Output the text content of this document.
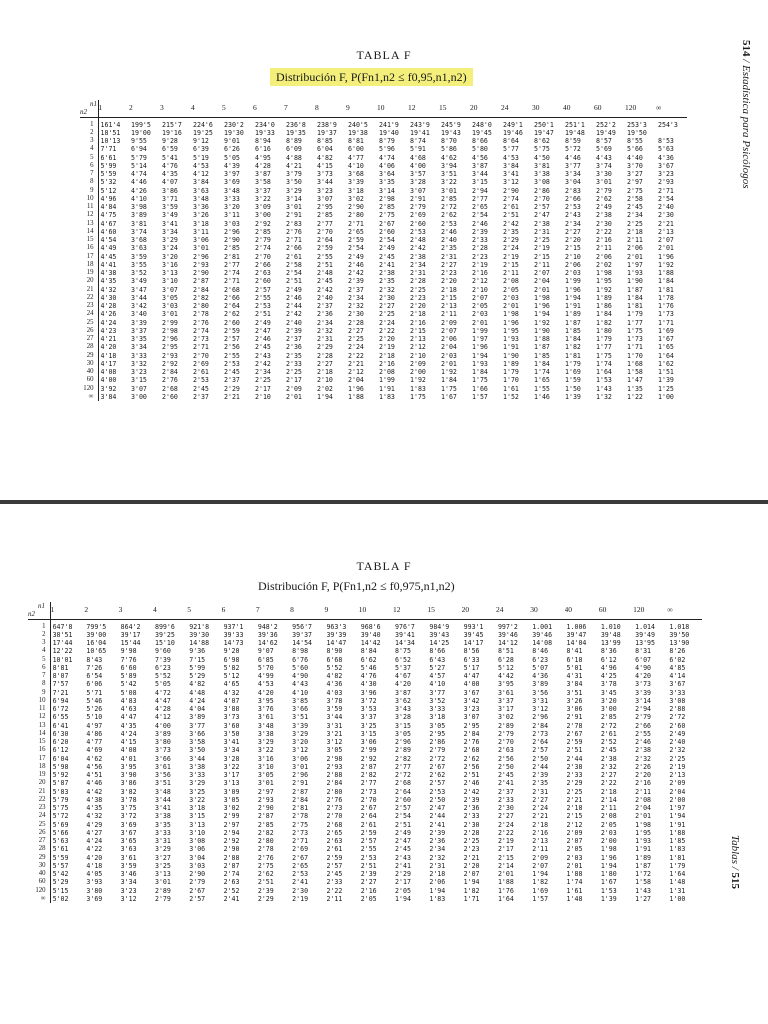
TABLA F
Distribución F, P(Fn1,n2 ≤ f0,95,n1,n2)
514 / Estadística para Psicólogos
n1
n2	1	2	3	4	5	6	7	8	9	10	12	15	20	24	30	40	60	120	∞
1	161'4	199'5	215'7	224'6	230'2	234'0	236'8	238'9	240'5	241'9	243'9	245'9	248'0	249'1	250'1	251'1	252'2	253'3	254'3
2	18'51	19'00	19'16	19'25	19'30	19'33	19'35	19'37	19'38	19'40	19'41	19'43	19'45	19'46	19'47	19'48	19'49	19'50	
3	10'13	9'55	9'28	9'12	9'01	8'94	8'89	8'85	8'81	8'79	8'74	8'70	8'66	8'64	8'62	8'59	8'57	8'55	8'53
4	7'71	6'94	6'59	6'39	6'26	6'16	6'09	6'04	6'00	5'96	5'91	5'86	5'80	5'77	5'75	5'72	5'69	5'66	5'63
5	6'61	5'79	5'41	5'19	5'05	4'95	4'88	4'82	4'77	4'74	4'68	4'62	4'56	4'53	4'50	4'46	4'43	4'40	4'36
6	5'99	5'14	4'76	4'53	4'39	4'28	4'21	4'15	4'10	4'06	4'00	3'94	3'87	3'84	3'81	3'77	3'74	3'70	3'67
7	5'59	4'74	4'35	4'12	3'97	3'87	3'79	3'73	3'68	3'64	3'57	3'51	3'44	3'41	3'38	3'34	3'30	3'27	3'23
8	5'32	4'46	4'07	3'84	3'69	3'58	3'50	3'44	3'39	3'35	3'28	3'22	3'15	3'12	3'08	3'04	3'01	2'97	2'93
9	5'12	4'26	3'86	3'63	3'48	3'37	3'29	3'23	3'18	3'14	3'07	3'01	2'94	2'90	2'86	2'83	2'79	2'75	2'71
10	4'96	4'10	3'71	3'48	3'33	3'22	3'14	3'07	3'02	2'98	2'91	2'85	2'77	2'74	2'70	2'66	2'62	2'58	2'54
11	4'84	3'98	3'59	3'36	3'20	3'09	3'01	2'95	2'90	2'85	2'79	2'72	2'65	2'61	2'57	2'53	2'49	2'45	2'40
12	4'75	3'89	3'49	3'26	3'11	3'00	2'91	2'85	2'80	2'75	2'69	2'62	2'54	2'51	2'47	2'43	2'38	2'34	2'30
13	4'67	3'81	3'41	3'18	3'03	2'92	2'83	2'77	2'71	2'67	2'60	2'53	2'46	2'42	2'38	2'34	2'30	2'25	2'21
14	4'60	3'74	3'34	3'11	2'96	2'85	2'76	2'70	2'65	2'60	2'53	2'46	2'39	2'35	2'31	2'27	2'22	2'18	2'13
15	4'54	3'68	3'29	3'06	2'90	2'79	2'71	2'64	2'59	2'54	2'48	2'40	2'33	2'29	2'25	2'20	2'16	2'11	2'07
16	4'49	3'63	3'24	3'01	2'85	2'74	2'66	2'59	2'54	2'49	2'42	2'35	2'28	2'24	2'19	2'15	2'11	2'06	2'01
17	4'45	3'59	3'20	2'96	2'81	2'70	2'61	2'55	2'49	2'45	2'38	2'31	2'23	2'19	2'15	2'10	2'06	2'01	1'96
18	4'41	3'55	3'16	2'93	2'77	2'66	2'58	2'51	2'46	2'41	2'34	2'27	2'19	2'15	2'11	2'06	2'02	1'97	1'92
19	4'38	3'52	3'13	2'90	2'74	2'63	2'54	2'48	2'42	2'38	2'31	2'23	2'16	2'11	2'07	2'03	1'98	1'93	1'88
20	4'35	3'49	3'10	2'87	2'71	2'60	2'51	2'45	2'39	2'35	2'28	2'20	2'12	2'08	2'04	1'99	1'95	1'90	1'84
21	4'32	3'47	3'07	2'84	2'68	2'57	2'49	2'42	2'37	2'32	2'25	2'18	2'10	2'05	2'01	1'96	1'92	1'87	1'81
22	4'30	3'44	3'05	2'82	2'66	2'55	2'46	2'40	2'34	2'30	2'23	2'15	2'07	2'03	1'98	1'94	1'89	1'84	1'78
23	4'28	3'42	3'03	2'80	2'64	2'53	2'44	2'37	2'32	2'27	2'20	2'13	2'05	2'01	1'96	1'91	1'86	1'81	1'76
24	4'26	3'40	3'01	2'78	2'62	2'51	2'42	2'36	2'30	2'25	2'18	2'11	2'03	1'98	1'94	1'89	1'84	1'79	1'73
25	4'24	3'39	2'99	2'76	2'60	2'49	2'40	2'34	2'28	2'24	2'16	2'09	2'01	1'96	1'92	1'87	1'82	1'77	1'71
26	4'23	3'37	2'98	2'74	2'59	2'47	2'39	2'32	2'27	2'22	2'15	2'07	1'99	1'95	1'90	1'85	1'80	1'75	1'69
27	4'21	3'35	2'96	2'73	2'57	2'46	2'37	2'31	2'25	2'20	2'13	2'06	1'97	1'93	1'88	1'84	1'79	1'73	1'67
28	4'20	3'34	2'95	2'71	2'56	2'45	2'36	2'29	2'24	2'19	2'12	2'04	1'96	1'91	1'87	1'82	1'77	1'71	1'65
29	4'18	3'33	2'93	2'70	2'55	2'43	2'35	2'28	2'22	2'18	2'10	2'03	1'94	1'90	1'85	1'81	1'75	1'70	1'64
30	4'17	3'32	2'92	2'69	2'53	2'42	2'33	2'27	2'21	2'16	2'09	2'01	1'93	1'89	1'84	1'79	1'74	1'68	1'62
40	4'08	3'23	2'84	2'61	2'45	2'34	2'25	2'18	2'12	2'08	2'00	1'92	1'84	1'79	1'74	1'69	1'64	1'58	1'51
60	4'00	3'15	2'76	2'53	2'37	2'25	2'17	2'10	2'04	1'99	1'92	1'84	1'75	1'70	1'65	1'59	1'53	1'47	1'39
120	3'92	3'07	2'68	2'45	2'29	2'17	2'09	2'02	1'96	1'91	1'83	1'75	1'66	1'61	1'55	1'50	1'43	1'35	1'25
∞	3'84	3'00	2'60	2'37	2'21	2'10	2'01	1'94	1'88	1'83	1'75	1'67	1'57	1'52	1'46	1'39	1'32	1'22	1'00
TABLA F
Distribución F, P(Fn1,n2 ≤ f0,975,n1,n2)
Tablas / 515
n1
n2	1	2	3	4	5	6	7	8	9	10	12	15	20	24	30	40	60	120	∞
1	647'8	799'5	864'2	899'6	921'8	937'1	948'2	956'7	963'3	968'6	976'7	984'9	993'1	997'2	1.001	1.006	1.010	1.014	1.018
2	38'51	39'00	39'17	39'25	39'30	39'33	39'36	39'37	39'39	39'40	39'41	39'43	39'45	39'46	39'46	39'47	39'48	39'49	39'50
3	17'44	16'04	15'44	15'10	14'88	14'73	14'62	14'54	14'47	14'42	14'34	14'25	14'17	14'12	14'08	14'04	13'99	13'95	13'90
4	12'22	10'65	9'98	9'60	9'36	9'20	9'07	8'98	8'90	8'84	8'75	8'66	8'56	8'51	8'46	8'41	8'36	8'31	8'26
5	10'01	8'43	7'76	7'39	7'15	6'98	6'85	6'76	6'68	6'62	6'52	6'43	6'33	6'28	6'23	6'18	6'12	6'07	6'02
6	8'81	7'26	6'60	6'23	5'99	5'82	5'70	5'60	5'52	5'46	5'37	5'27	5'17	5'12	5'07	5'01	4'96	4'90	4'85
7	8'07	6'54	5'89	5'52	5'29	5'12	4'99	4'90	4'82	4'76	4'67	4'57	4'47	4'42	4'36	4'31	4'25	4'20	4'14
8	7'57	6'06	5'42	5'05	4'82	4'65	4'53	4'43	4'36	4'30	4'20	4'10	4'00	3'95	3'89	3'84	3'78	3'73	3'67
9	7'21	5'71	5'08	4'72	4'48	4'32	4'20	4'10	4'03	3'96	3'87	3'77	3'67	3'61	3'56	3'51	3'45	3'39	3'33
10	6'94	5'46	4'83	4'47	4'24	4'07	3'95	3'85	3'78	3'72	3'62	3'52	3'42	3'37	3'31	3'26	3'20	3'14	3'08
11	6'72	5'26	4'63	4'28	4'04	3'88	3'76	3'66	3'59	3'53	3'43	3'33	3'23	3'17	3'12	3'06	3'00	2'94	2'88
12	6'55	5'10	4'47	4'12	3'89	3'73	3'61	3'51	3'44	3'37	3'28	3'18	3'07	3'02	2'96	2'91	2'85	2'79	2'72
13	6'41	4'97	4'35	4'00	3'77	3'60	3'48	3'39	3'31	3'25	3'15	3'05	2'95	2'89	2'84	2'78	2'72	2'66	2'60
14	6'30	4'86	4'24	3'89	3'66	3'50	3'38	3'29	3'21	3'15	3'05	2'95	2'84	2'79	2'73	2'67	2'61	2'55	2'49
15	6'20	4'77	4'15	3'80	3'58	3'41	3'29	3'20	3'12	3'06	2'96	2'86	2'76	2'70	2'64	2'59	2'52	2'46	2'40
16	6'12	4'69	4'08	3'73	3'50	3'34	3'22	3'12	3'05	2'99	2'89	2'79	2'68	2'63	2'57	2'51	2'45	2'38	2'32
17	6'04	4'62	4'01	3'66	3'44	3'28	3'16	3'06	2'98	2'92	2'82	2'72	2'62	2'56	2'50	2'44	2'38	2'32	2'25
18	5'98	4'56	3'95	3'61	3'38	3'22	3'10	3'01	2'93	2'87	2'77	2'67	2'56	2'50	2'44	2'38	2'32	2'26	2'19
19	5'92	4'51	3'90	3'56	3'33	3'17	3'05	2'96	2'88	2'82	2'72	2'62	2'51	2'45	2'39	2'33	2'27	2'20	2'13
20	5'87	4'46	3'86	3'51	3'29	3'13	3'01	2'91	2'84	2'77	2'68	2'57	2'46	2'41	2'35	2'29	2'22	2'16	2'09
21	5'83	4'42	3'82	3'48	3'25	3'09	2'97	2'87	2'80	2'73	2'64	2'53	2'42	2'37	2'31	2'25	2'18	2'11	2'04
22	5'79	4'38	3'78	3'44	3'22	3'05	2'93	2'84	2'76	2'70	2'60	2'50	2'39	2'33	2'27	2'21	2'14	2'08	2'00
23	5'75	4'35	3'75	3'41	3'18	3'02	2'90	2'81	2'73	2'67	2'57	2'47	2'36	2'30	2'24	2'18	2'11	2'04	1'97
24	5'72	4'32	3'72	3'38	3'15	2'99	2'87	2'78	2'70	2'64	2'54	2'44	2'33	2'27	2'21	2'15	2'08	2'01	1'94
25	5'69	4'29	3'69	3'35	3'13	2'97	2'85	2'75	2'68	2'61	2'51	2'41	2'30	2'24	2'18	2'12	2'05	1'98	1'91
26	5'66	4'27	3'67	3'33	3'10	2'94	2'82	2'73	2'65	2'59	2'49	2'39	2'28	2'22	2'16	2'09	2'03	1'95	1'88
27	5'63	4'24	3'65	3'31	3'08	2'92	2'80	2'71	2'63	2'57	2'47	2'36	2'25	2'19	2'13	2'07	2'00	1'93	1'85
28	5'61	4'22	3'63	3'29	3'06	2'90	2'78	2'69	2'61	2'55	2'45	2'34	2'23	2'17	2'11	2'05	1'98	1'91	1'83
29	5'59	4'20	3'61	3'27	3'04	2'88	2'76	2'67	2'59	2'53	2'43	2'32	2'21	2'15	2'09	2'03	1'96	1'89	1'81
30	5'57	4'18	3'59	3'25	3'03	2'87	2'75	2'65	2'57	2'51	2'41	2'31	2'20	2'14	2'07	2'01	1'94	1'87	1'79
40	5'42	4'05	3'46	3'13	2'90	2'74	2'62	2'53	2'45	2'39	2'29	2'18	2'07	2'01	1'94	1'88	1'80	1'72	1'64
60	5'29	3'93	3'34	3'01	2'79	2'63	2'51	2'41	2'33	2'27	2'17	2'06	1'94	1'88	1'82	1'74	1'67	1'58	1'48
120	5'15	3'80	3'23	2'89	2'67	2'52	2'39	2'30	2'22	2'16	2'05	1'94	1'82	1'76	1'69	1'61	1'53	1'43	1'31
∞	5'02	3'69	3'12	2'79	2'57	2'41	2'29	2'19	2'11	2'05	1'94	1'83	1'71	1'64	1'57	1'48	1'39	1'27	1'00
